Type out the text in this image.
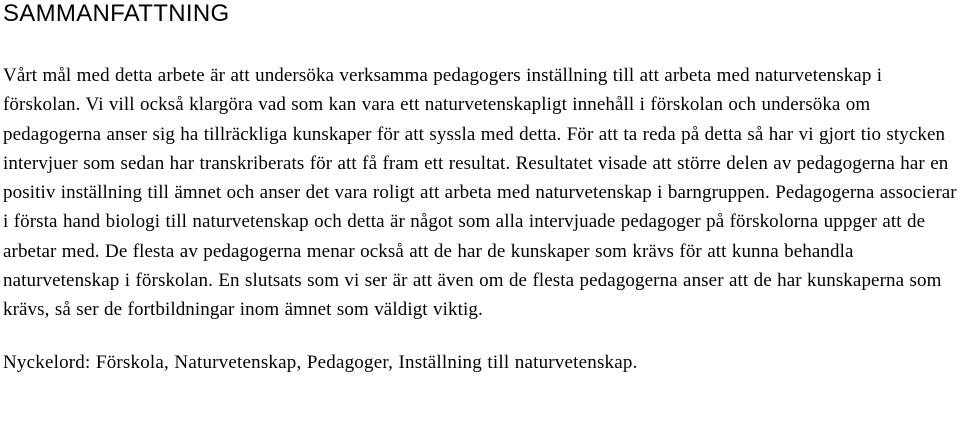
SAMMANFATTNING

Vårt mål med detta arbete är att undersöka verksamma pedagogers inställning till att arbeta med naturvetenskap i förskolan. Vi vill också klargöra vad som kan vara ett naturvetenskapligt innehåll i förskolan och undersöka om pedagogerna anser sig ha tillräckliga kunskaper för att syssla med detta. För att ta reda på detta så har vi gjort tio stycken intervjuer som sedan har transkriberats för att få fram ett resultat. Resultatet visade att större delen av pedagogerna har en positiv inställning till ämnet och anser det vara roligt att arbeta med naturvetenskap i barngruppen. Pedagogerna associerar i första hand biologi till naturvetenskap och detta är något som alla intervjuade pedagoger på förskolorna uppger att de arbetar med. De flesta av pedagogerna menar också att de har de kunskaper som krävs för att kunna behandla naturvetenskap i förskolan. En slutsats som vi ser är att även om de flesta pedagogerna anser att de har kunskaperna som krävs, så ser de fortbildningar inom ämnet som väldigt viktig.

Nyckelord: Förskola, Naturvetenskap, Pedagoger, Inställning till naturvetenskap.
